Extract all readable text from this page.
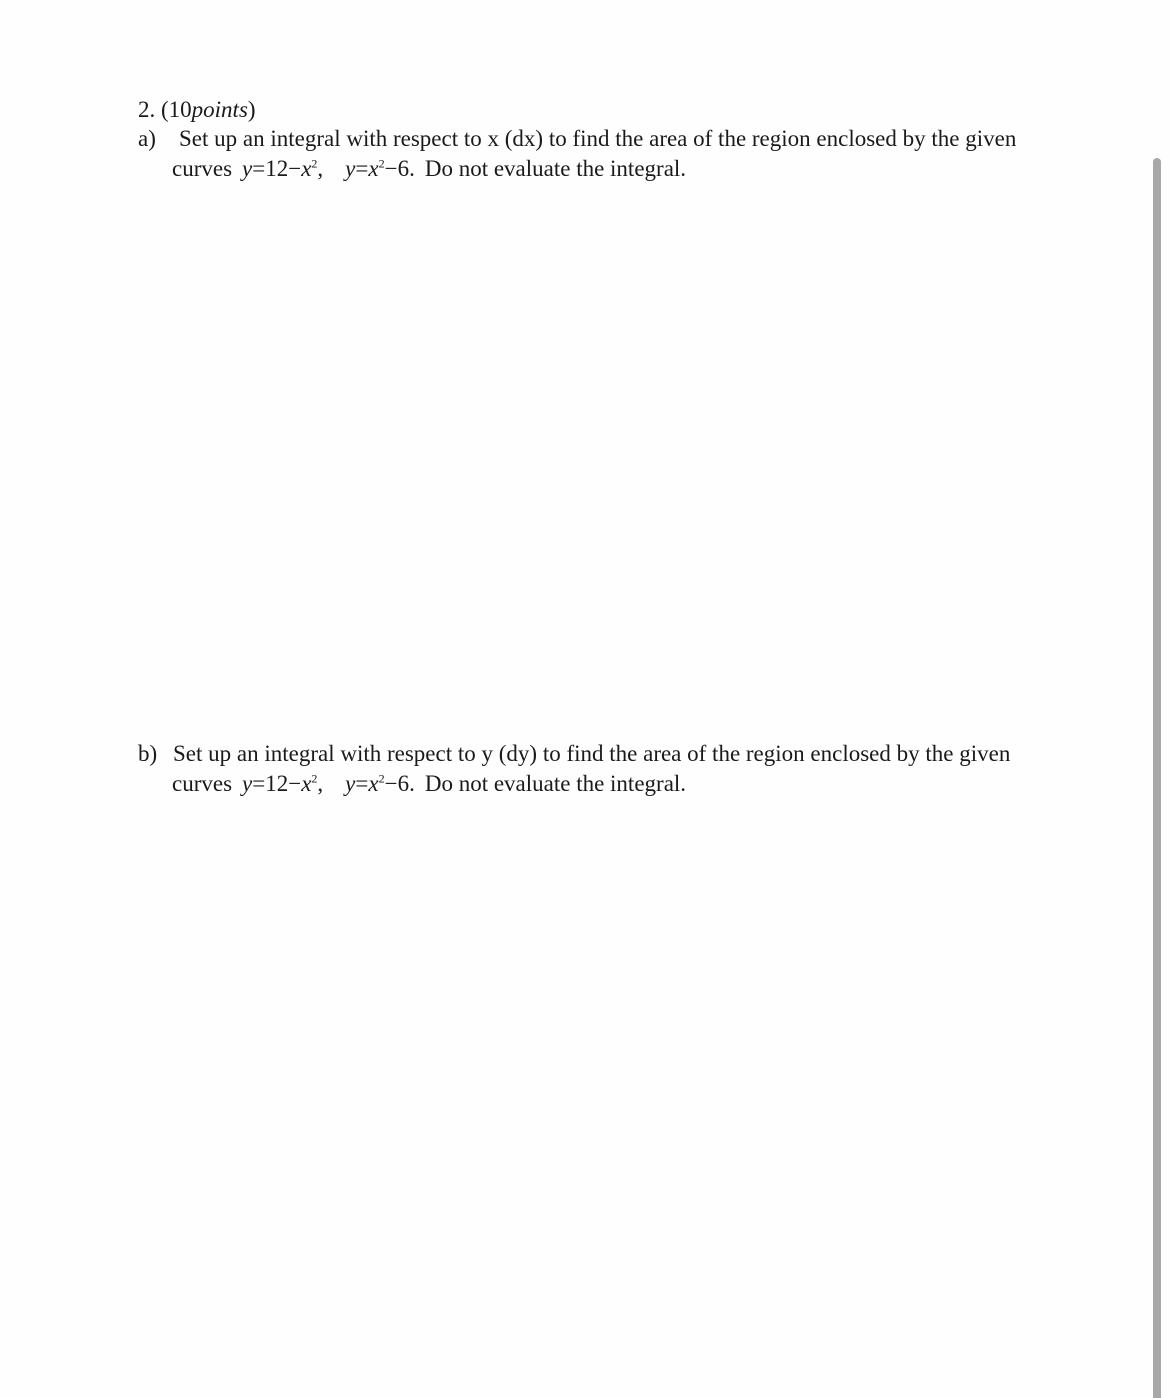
2. (10points)
a) Set up an integral with respect to x (dx) to find the area of the region enclosed by the given
curves $y=12-x^2$, $y=x^2-6$. Do not evaluate the integral.
b) Set up an integral with respect to y (dy) to find the area of the region enclosed by the given
curves $y=12-x^2$, $y=x^2-6$. Do not evaluate the integral.
